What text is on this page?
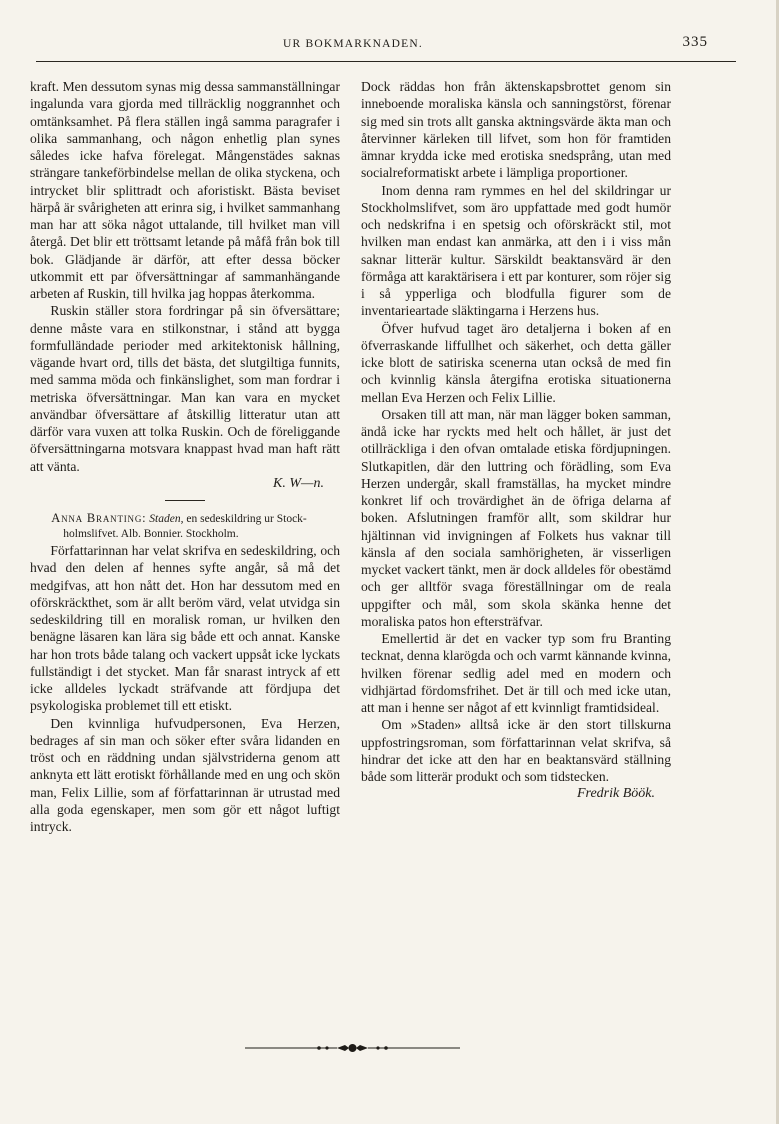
UR BOKMARKNADEN.	335

kraft. Men dessutom synas mig dessa sammanställningar ingalunda vara gjorda med tillräcklig noggrannhet och omtänksamhet. På flera ställen ingå samma paragrafer i olika sammanhang, och någon enhetlig plan synes således icke hafva förelegat. Mångenstädes saknas strängare tankeförbindelse mellan de olika styckena, och intrycket blir splittradt och aforistiskt. Bästa beviset härpå är svårigheten att erinra sig, i hvilket sammanhang man har att söka något uttalande, till hvilket man vill återgå. Det blir ett tröttsamt letande på måfå från bok till bok. Glädjande är därför, att efter dessa böcker utkommit ett par öfversättningar af sammanhängande arbeten af Ruskin, till hvilka jag hoppas återkomma.

Ruskin ställer stora fordringar på sin öfversättare; denne måste vara en stilkonstnar, i stånd att bygga formfulländade perioder med arkitektonisk hållning, vägande hvart ord, tills det bästa, det slutgiltiga funnits, med samma möda och finkänslighet, som man fordrar i metriska öfversättningar. Man kan vara en mycket användbar öfversättare af åtskillig litteratur utan att därför vara vuxen att tolka Ruskin. Och de föreliggande öfversättningarna motsvara knappast hvad man haft rätt att vänta.

K. W—n.

Anna Branting: Staden, en sedeskildring ur Stock-
holmslifvet. Alb. Bonnier. Stockholm.

Författarinnan har velat skrifva en sedeskildring, och hvad den delen af hennes syfte angår, så må det medgifvas, att hon nått det. Hon har dessutom med en oförskräckthet, som är allt beröm värd, velat utvidga sin sedeskildring till en moralisk roman, ur hvilken den benägne läsaren kan lära sig både ett och annat. Kanske har hon trots både talang och vackert uppsåt icke lyckats fullständigt i det stycket. Man får snarast intryck af ett icke alldeles lyckadt sträfvande att fördjupa det psykologiska problemet till ett etiskt.

Den kvinnliga hufvudpersonen, Eva Herzen, bedrages af sin man och söker efter svåra lidanden en tröst och en räddning undan självstriderna genom att anknyta ett lätt erotiskt förhållande med en ung och skön man, Felix Lillie, som af författarinnan är utrustad med alla goda egenskaper, men som gör ett något luftigt intryck.

Dock räddas hon från äktenskapsbrottet genom sin inneboende moraliska känsla och sanningstörst, förenar sig med sin trots allt ganska aktningsvärde äkta man och återvinner kärleken till lifvet, som hon för framtiden ämnar krydda icke med erotiska snedsprång, utan med socialreformatiskt arbete i lämpliga proportioner.

Inom denna ram rymmes en hel del skildringar ur Stockholmslifvet, som äro uppfattade med godt humör och nedskrifna i en spetsig och oförskräckt stil, mot hvilken man endast kan anmärka, att den i i viss mån saknar litterär kultur. Särskildt beaktansvärd är den förmåga att karaktärisera i ett par konturer, som röjer sig i så ypperliga och blodfulla figurer som de inventarieartade släktingarna i Herzens hus.

Öfver hufvud taget äro detaljerna i boken af en öfverraskande liffullhet och säkerhet, och detta gäller icke blott de satiriska scenerna utan också de med fin och kvinnlig känsla återgifna erotiska situationerna mellan Eva Herzen och Felix Lillie.

Orsaken till att man, när man lägger boken samman, ändå icke har ryckts med helt och hållet, är just det otillräckliga i den ofvan omtalade etiska fördjupningen. Slutkapitlen, där den luttring och förädling, som Eva Herzen undergår, skall framställas, ha mycket mindre konkret lif och trovärdighet än de öfriga delarna af boken. Afslutningen framför allt, som skildrar hur hjältinnan vid invigningen af Folkets hus vaknar till känsla af den sociala samhörigheten, är visserligen mycket vackert tänkt, men är dock alldeles för obestämd och ger alltför svaga föreställningar om de reala uppgifter och mål, som skola skänka henne det moraliska patos hon eftersträfvar.

Emellertid är det en vacker typ som fru Branting tecknat, denna klarögda och och varmt kännande kvinna, hvilken förenar sedlig adel med en modern och vidhjärtad fördomsfrihet. Det är till och med icke utan, att man i henne ser något af ett kvinnligt framtidsideal.

Om »Staden» alltså icke är den stort tillskurna uppfostringsroman, som författarinnan velat skrifva, så hindrar det icke att den har en beaktansvärd ställning både som litterär produkt och som tidstecken.

Fredrik Böök.
